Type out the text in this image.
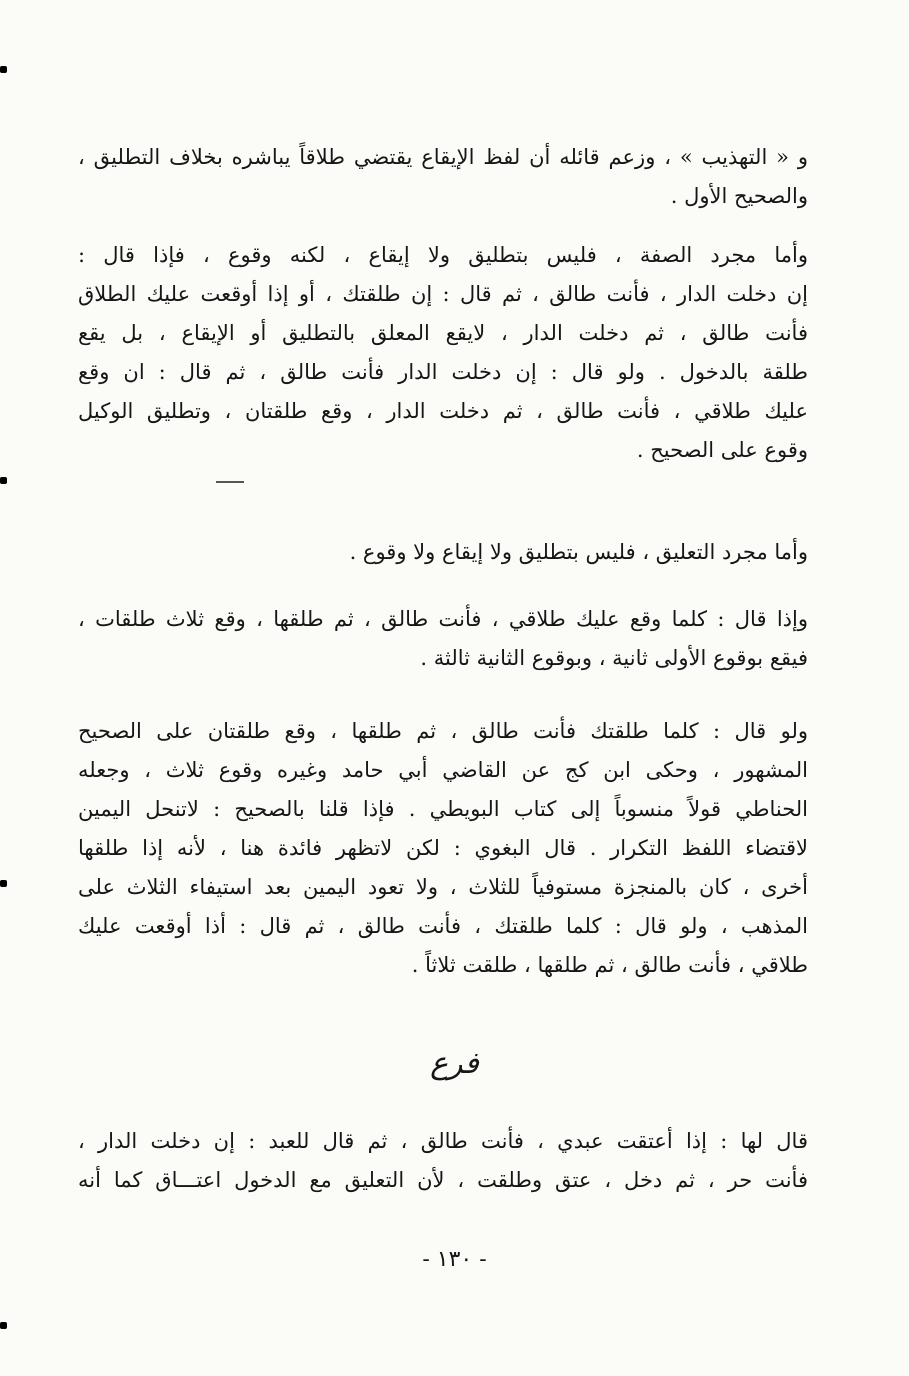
و « التهذيب » ، وزعم قائله أن لفظ الإيقاع يقتضي طلاقاً يباشره بخلاف التطليق ،
والصحيح الأول .
وأما مجرد الصفة ، فليس بتطليق ولا إيقاع ، لكنه وقوع ، فإذا قال :
إن دخلت الدار ، فأنت طالق ، ثم قال : إن طلقتك ، أو إذا أوقعت عليك الطلاق
فأنت طالق ، ثم دخلت الدار ، لايقع المعلق بالتطليق أو الإيقاع ، بل يقع
طلقة بالدخول . ولو قال : إن دخلت الدار فأنت طالق ، ثم قال : ان وقع
عليك طلاقي ، فأنت طالق ، ثم دخلت الدار ، وقع طلقتان ، وتطليق الوكيل
وقوع على الصحيح .
وأما مجرد التعليق ، فليس بتطليق ولا إيقاع ولا وقوع .
وإذا قال : كلما وقع عليك طلاقي ، فأنت طالق ، ثم طلقها ، وقع ثلاث طلقات ،
فيقع بوقوع الأولى ثانية ، وبوقوع الثانية ثالثة .
ولو قال : كلما طلقتك فأنت طالق ، ثم طلقها ، وقع طلقتان على الصحيح
المشهور ، وحكى ابن كج عن القاضي أبي حامد وغيره وقوع ثلاث ، وجعله
الحناطي قولاً منسوباً إلى كتاب البويطي . فإذا قلنا بالصحيح : لاتنحل اليمين
لاقتضاء اللفظ التكرار . قال البغوي : لكن لاتظهر فائدة هنا ، لأنه إذا طلقها
أخرى ، كان بالمنجزة مستوفياً للثلاث ، ولا تعود اليمين بعد استيفاء الثلاث على
المذهب ، ولو قال : كلما طلقتك ، فأنت طالق ، ثم قال : أذا أوقعت عليك
طلاقي ، فأنت طالق ، ثم طلقها ، طلقت ثلاثاً .
فرع
قال لها : إذا أعتقت عبدي ، فأنت طالق ، ثم قال للعبد : إن دخلت الدار ،
فأنت حر ، ثم دخل ، عتق وطلقت ، لأن التعليق مع الدخول اعتـــاق كما أنه
- ١٣٠ -
